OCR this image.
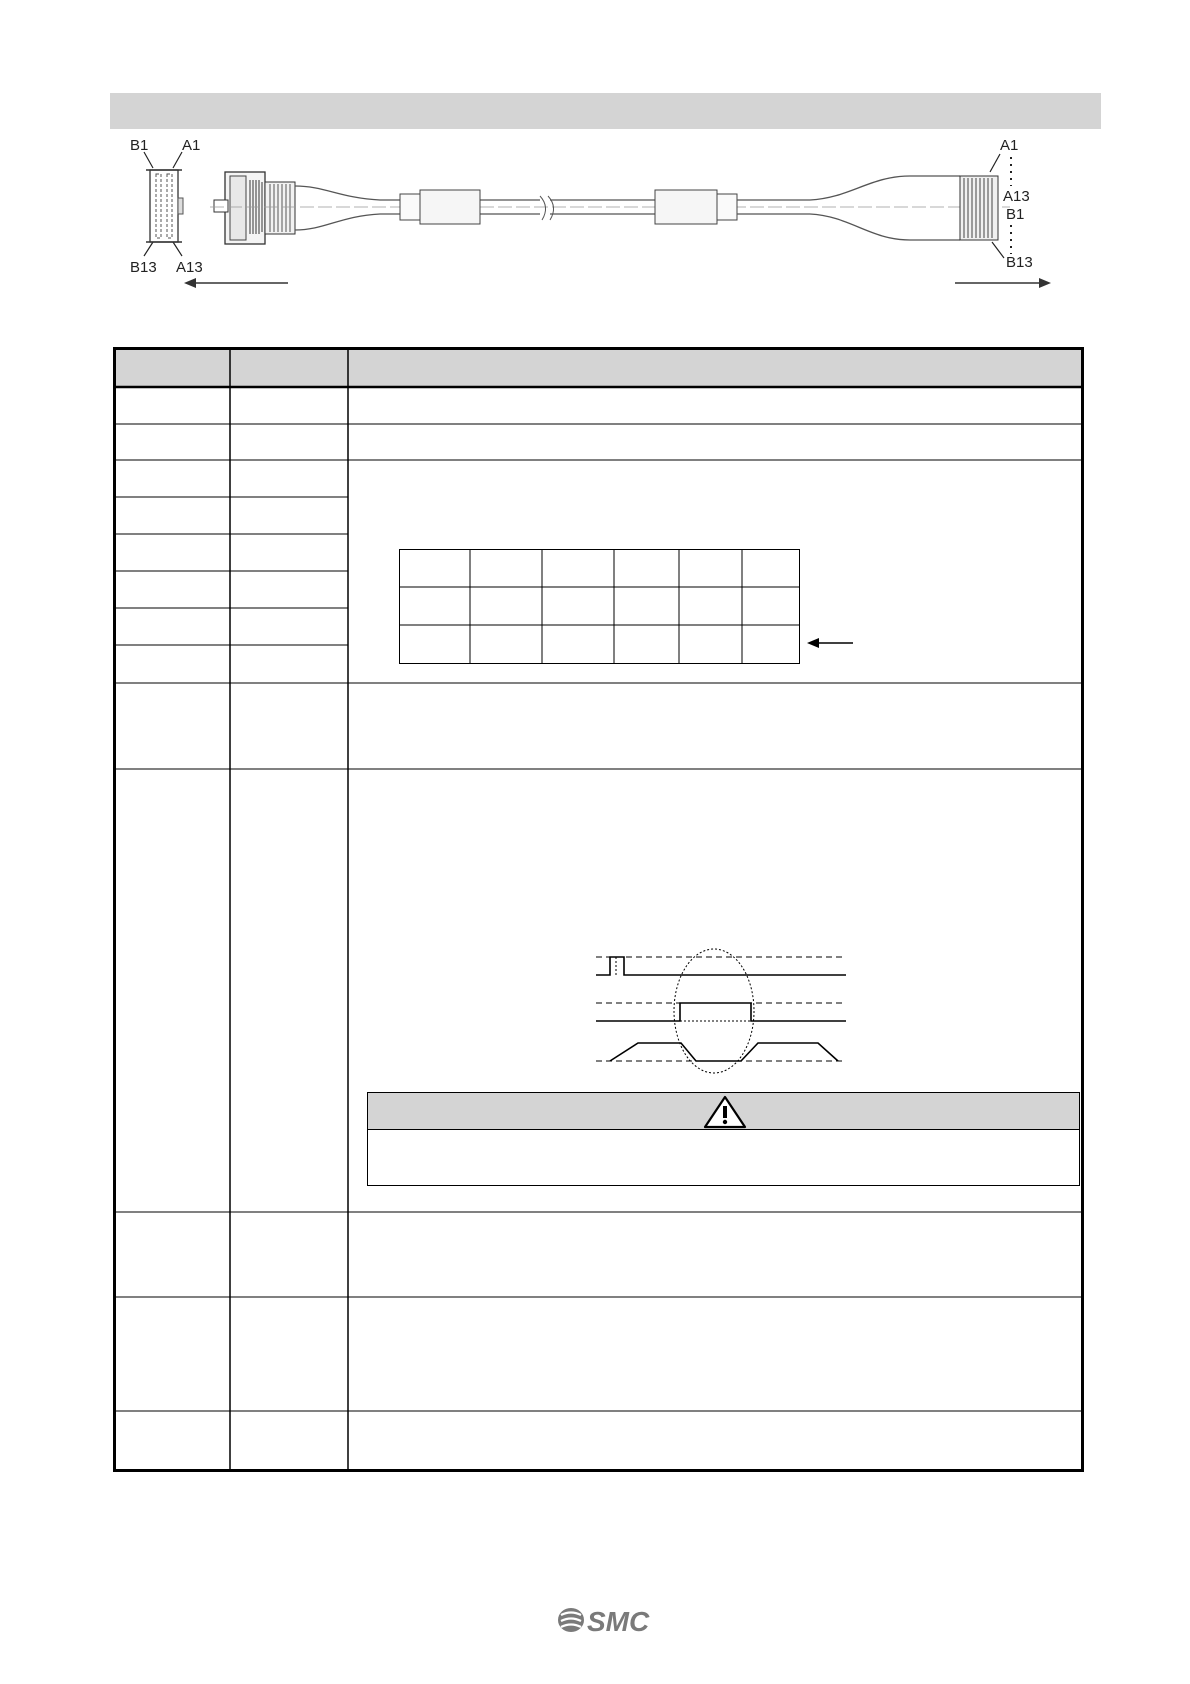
B1 A1
B13 A13
A1
A13
B1
B13
SMC
